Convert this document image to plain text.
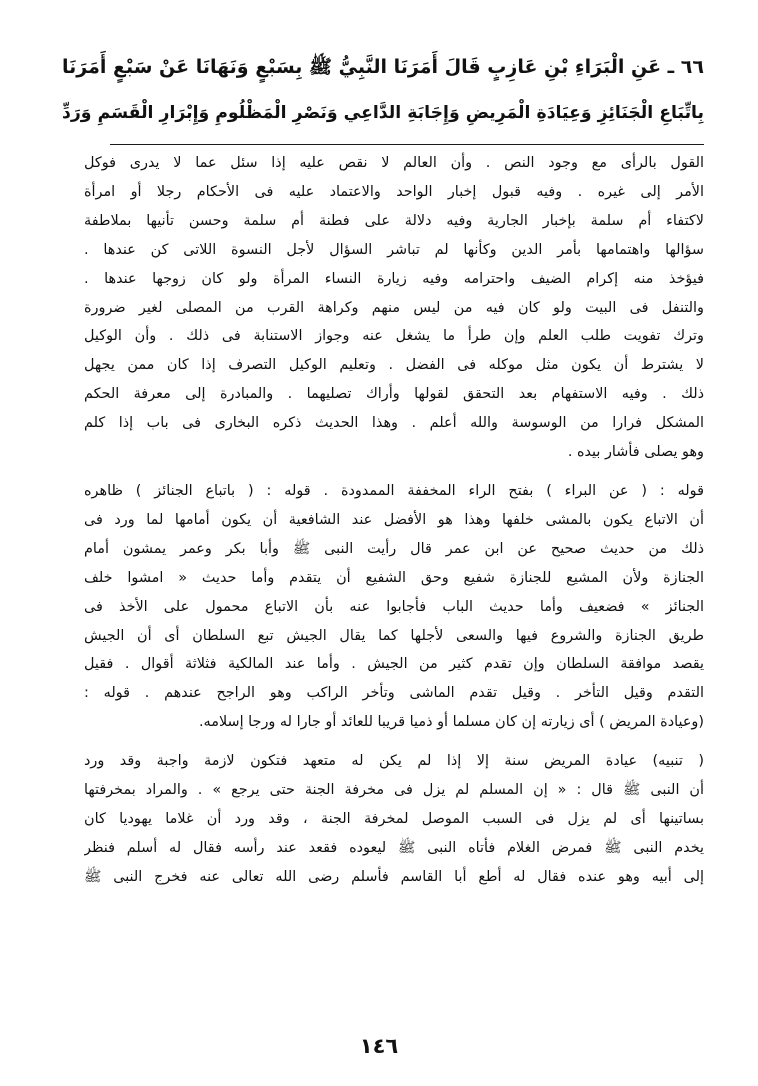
٦٦ ـ عَنِ الْبَرَاءِ بْنِ عَازِبٍ قَالَ أَمَرَنَا النَّبِيُّ ﷺ بِسَبْعٍ وَنَهَانَا عَنْ سَبْعٍ أَمَرَنَا
بِاتِّبَاعِ الْجَنَائِزِ وَعِيَادَةِ الْمَرِيضِ وَإِجَابَةِ الدَّاعِي وَنَصْرِ الْمَظْلُومِ وَإِبْرَارِ الْقَسَمِ وَرَدِّ
القول بالرأى مع وجود النص . وأن العالم لا نقص عليه إذا سئل عما لا يدرى فوكل
الأمر إلى غيره . وفيه قبول إخبار الواحد والاعتماد عليه فى الأحكام رجلا أو امرأة
لاكتفاء أم سلمة بإخبار الجارية وفيه دلالة على فطنة أم سلمة وحسن تأنيها بملاطفة
سؤالها واهتمامها بأمر الدين وكأنها لم تباشر السؤال لأجل النسوة اللاتى كن عندها .
فيؤخذ منه إكرام الضيف واحترامه وفيه زيارة النساء المرأة ولو كان زوجها عندها .
والتنفل فى البيت ولو كان فيه من ليس منهم وكراهة القرب من المصلى لغير ضرورة
وترك تفويت طلب العلم وإن طرأ ما يشغل عنه وجواز الاستنابة فى ذلك . وأن الوكيل
لا يشترط أن يكون مثل موكله فى الفضل . وتعليم الوكيل التصرف إذا كان ممن يجهل
ذلك . وفيه الاستفهام بعد التحقق لقولها وأراك تصليهما . والمبادرة إلى معرفة الحكم
المشكل فرارا من الوسوسة والله أعلم . وهذا الحديث ذكره البخارى فى باب إذا كلم
وهو يصلى فأشار بيده .
قوله : ( عن البراء ) بفتح الراء المخففة الممدودة . قوله : ( باتباع الجنائز ) ظاهره
أن الاتباع يكون بالمشى خلفها وهذا هو الأفضل عند الشافعية أن يكون أمامها لما ورد فى
ذلك من حديث صحيح عن ابن عمر قال رأيت النبى ﷺ وأبا بكر وعمر يمشون أمام
الجنازة ولأن المشيع للجنازة شفيع وحق الشفيع أن يتقدم وأما حديث « امشوا خلف
الجنائز » فضعيف وأما حديث الباب فأجابوا عنه بأن الاتباع محمول على الأخذ فى
طريق الجنازة والشروع فيها والسعى لأجلها كما يقال الجيش تبع السلطان أى أن الجيش
يقصد موافقة السلطان وإن تقدم كثير من الجيش . وأما عند المالكية فثلاثة أقوال . فقيل
التقدم وقيل التأخر . وقيل تقدم الماشى وتأخر الراكب وهو الراجح عندهم . قوله :
(وعيادة المريض ) أى زيارته إن كان مسلما أو ذميا قريبا للعائد أو جارا له ورجا إسلامه.
( تنبيه) عيادة المريض سنة إلا إذا لم يكن له متعهد فتكون لازمة واجبة وقد ورد
أن النبى ﷺ قال : « إن المسلم لم يزل فى مخرفة الجنة حتى يرجع » . والمراد بمخرفتها
بساتينها أى لم يزل فى السبب الموصل لمخرفة الجنة ، وقد ورد أن غلاما يهوديا كان
يخدم النبى ﷺ فمرض الغلام فأتاه النبى ﷺ ليعوده فقعد عند رأسه فقال له أسلم فنظر
إلى أبيه وهو عنده فقال له أطع أبا القاسم فأسلم رضى الله تعالى عنه فخرج النبى ﷺ
١٤٦
